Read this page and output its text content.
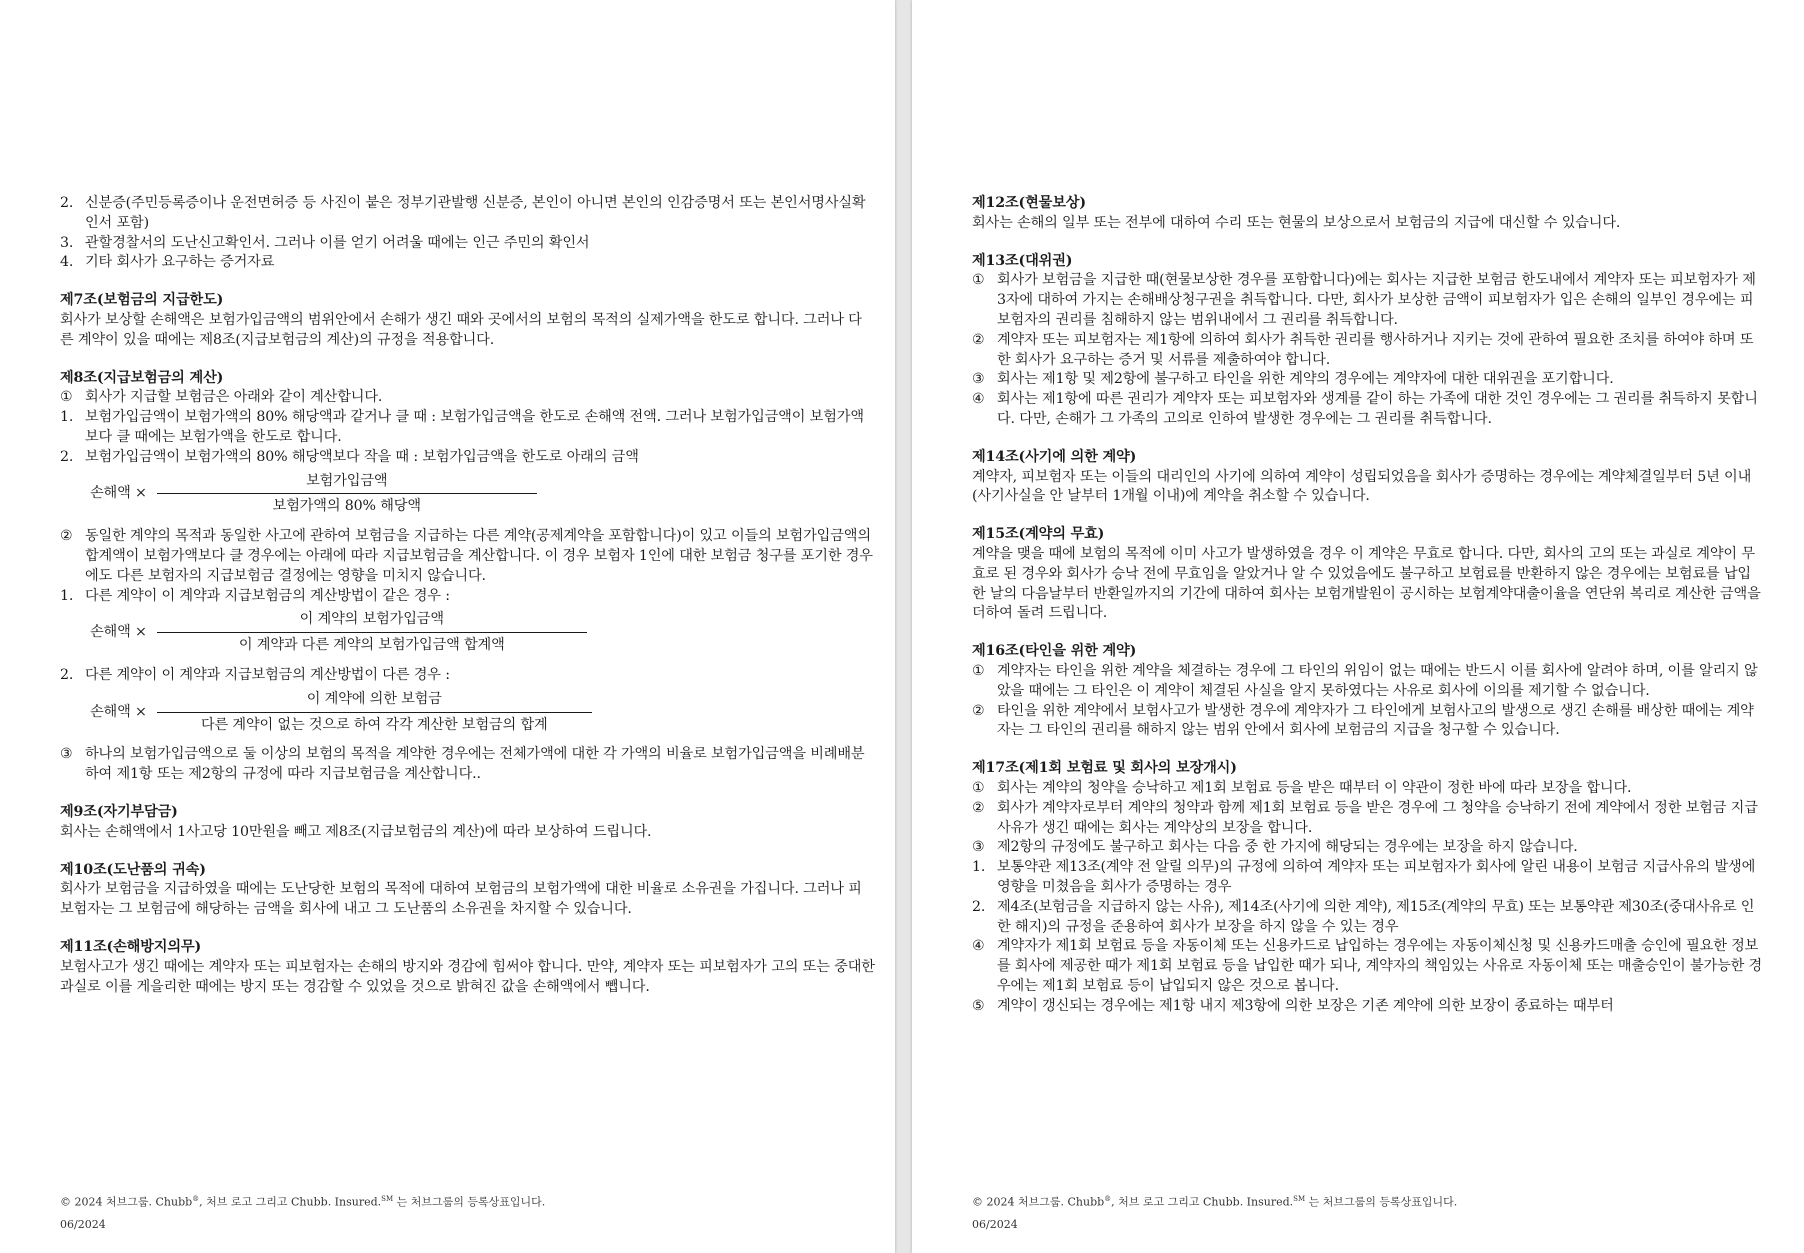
2. 신분증(주민등록증이나 운전면허증 등 사진이 붙은 정부기관발행 신분증, 본인이 아니면 본인의 인감증명서 또는 본인서명사실확인서 포함)
3. 관할경찰서의 도난신고확인서. 그러나 이를 얻기 어려울 때에는 인근 주민의 확인서
4. 기타 회사가 요구하는 증거자료
제7조(보험금의 지급한도)
회사가 보상할 손해액은 보험가입금액의 범위안에서 손해가 생긴 때와 곳에서의 보험의 목적의 실제가액을 한도로 합니다. 그러나 다른 계약이 있을 때에는 제8조(지급보험금의 계산)의 규정을 적용합니다.
제8조(지급보험금의 계산)
① 회사가 지급할 보험금은 아래와 같이 계산합니다.
1. 보험가입금액이 보험가액의 80% 해당액과 같거나 클 때 : 보험가입금액을 한도로 손해액 전액. 그러나 보험가입금액이 보험가액보다 클 때에는 보험가액을 한도로 합니다.
2. 보험가입금액이 보험가액의 80% 해당액보다 작을 때 : 보험가입금액을 한도로 아래의 금액
손해액 × $\frac{\text{보험가입금액}}{\text{보험가액의 80\% 해당액}}$
② 동일한 계약의 목적과 동일한 사고에 관하여 보험금을 지급하는 다른 계약(공제계약을 포함합니다)이 있고 이들의 보험가입금액의 합계액이 보험가액보다 클 경우에는 아래에 따라 지급보험금을 계산합니다. 이 경우 보험자 1인에 대한 보험금 청구를 포기한 경우에도 다른 보험자의 지급보험금 결정에는 영향을 미치지 않습니다.
1. 다른 계약이 이 계약과 지급보험금의 계산방법이 같은 경우 :
손해액 × $\frac{\text{이 계약의 보험가입금액}}{\text{이 계약과 다른 계약의 보험가입금액 합계액}}$
2. 다른 계약이 이 계약과 지급보험금의 계산방법이 다른 경우 :
손해액 × $\frac{\text{이 계약에 의한 보험금}}{\text{다른 계약이 없는 것으로 하여 각각 계산한 보험금의 합계}}$
③ 하나의 보험가입금액으로 둘 이상의 보험의 목적을 계약한 경우에는 전체가액에 대한 각 가액의 비율로 보험가입금액을 비례배분하여 제1항 또는 제2항의 규정에 따라 지급보험금을 계산합니다..
제9조(자기부담금)
회사는 손해액에서 1사고당 10만원을 빼고 제8조(지급보험금의 계산)에 따라 보상하여 드립니다.
제10조(도난품의 귀속)
회사가 보험금을 지급하였을 때에는 도난당한 보험의 목적에 대하여 보험금의 보험가액에 대한 비율로 소유권을 가집니다. 그러나 피보험자는 그 보험금에 해당하는 금액을 회사에 내고 그 도난품의 소유권을 차지할 수 있습니다.
제11조(손해방지의무)
보험사고가 생긴 때에는 계약자 또는 피보험자는 손해의 방지와 경감에 힘써야 합니다. 만약, 계약자 또는 피보험자가 고의 또는 중대한 과실로 이를 게을리한 때에는 방지 또는 경감할 수 있었을 것으로 밝혀진 값을 손해액에서 뺍니다.
© 2024 처브그룹. Chubb®, 처브 로고 그리고 Chubb. Insured.℠ 는 처브그룹의 등록상표입니다.
06/2024
제12조(현물보상)
회사는 손해의 일부 또는 전부에 대하여 수리 또는 현물의 보상으로서 보험금의 지급에 대신할 수 있습니다.
제13조(대위권)
① 회사가 보험금을 지급한 때(현물보상한 경우를 포함합니다)에는 회사는 지급한 보험금 한도내에서 계약자 또는 피보험자가 제3자에 대하여 가지는 손해배상청구권을 취득합니다. 다만, 회사가 보상한 금액이 피보험자가 입은 손해의 일부인 경우에는 피보험자의 권리를 침해하지 않는 범위내에서 그 권리를 취득합니다.
② 계약자 또는 피보험자는 제1항에 의하여 회사가 취득한 권리를 행사하거나 지키는 것에 관하여 필요한 조치를 하여야 하며 또한 회사가 요구하는 증거 및 서류를 제출하여야 합니다.
③ 회사는 제1항 및 제2항에 불구하고 타인을 위한 계약의 경우에는 계약자에 대한 대위권을 포기합니다.
④ 회사는 제1항에 따른 권리가 계약자 또는 피보험자와 생계를 같이 하는 가족에 대한 것인 경우에는 그 권리를 취득하지 못합니다. 다만, 손해가 그 가족의 고의로 인하여 발생한 경우에는 그 권리를 취득합니다.
제14조(사기에 의한 계약)
계약자, 피보험자 또는 이들의 대리인의 사기에 의하여 계약이 성립되었음을 회사가 증명하는 경우에는 계약체결일부터 5년 이내(사기사실을 안 날부터 1개월 이내)에 계약을 취소할 수 있습니다.
제15조(계약의 무효)
계약을 맺을 때에 보험의 목적에 이미 사고가 발생하였을 경우 이 계약은 무효로 합니다. 다만, 회사의 고의 또는 과실로 계약이 무효로 된 경우와 회사가 승낙 전에 무효임을 알았거나 알 수 있었음에도 불구하고 보험료를 반환하지 않은 경우에는 보험료를 납입한 날의 다음날부터 반환일까지의 기간에 대하여 회사는 보험개발원이 공시하는 보험계약대출이율을 연단위 복리로 계산한 금액을 더하여 돌려 드립니다.
제16조(타인을 위한 계약)
① 계약자는 타인을 위한 계약을 체결하는 경우에 그 타인의 위임이 없는 때에는 반드시 이를 회사에 알려야 하며, 이를 알리지 않았을 때에는 그 타인은 이 계약이 체결된 사실을 알지 못하였다는 사유로 회사에 이의를 제기할 수 없습니다.
② 타인을 위한 계약에서 보험사고가 발생한 경우에 계약자가 그 타인에게 보험사고의 발생으로 생긴 손해를 배상한 때에는 계약자는 그 타인의 권리를 해하지 않는 범위 안에서 회사에 보험금의 지급을 청구할 수 있습니다.
제17조(제1회 보험료 및 회사의 보장개시)
① 회사는 계약의 청약을 승낙하고 제1회 보험료 등을 받은 때부터 이 약관이 정한 바에 따라 보장을 합니다.
② 회사가 계약자로부터 계약의 청약과 함께 제1회 보험료 등을 받은 경우에 그 청약을 승낙하기 전에 계약에서 정한 보험금 지급사유가 생긴 때에는 회사는 계약상의 보장을 합니다.
③ 제2항의 규정에도 불구하고 회사는 다음 중 한 가지에 해당되는 경우에는 보장을 하지 않습니다.
1. 보통약관 제13조(계약 전 알릴 의무)의 규정에 의하여 계약자 또는 피보험자가 회사에 알린 내용이 보험금 지급사유의 발생에 영향을 미쳤음을 회사가 증명하는 경우
2. 제4조(보험금을 지급하지 않는 사유), 제14조(사기에 의한 계약), 제15조(계약의 무효) 또는 보통약관 제30조(중대사유로 인한 해지)의 규정을 준용하여 회사가 보장을 하지 않을 수 있는 경우
④ 계약자가 제1회 보험료 등을 자동이체 또는 신용카드로 납입하는 경우에는 자동이체신청 및 신용카드매출 승인에 필요한 정보를 회사에 제공한 때가 제1회 보험료 등을 납입한 때가 되나, 계약자의 책임있는 사유로 자동이체 또는 매출승인이 불가능한 경우에는 제1회 보험료 등이 납입되지 않은 것으로 봅니다.
⑤ 계약이 갱신되는 경우에는 제1항 내지 제3항에 의한 보장은 기존 계약에 의한 보장이 종료하는 때부터
© 2024 처브그룹. Chubb®, 처브 로고 그리고 Chubb. Insured.℠ 는 처브그룹의 등록상표입니다.
06/2024
